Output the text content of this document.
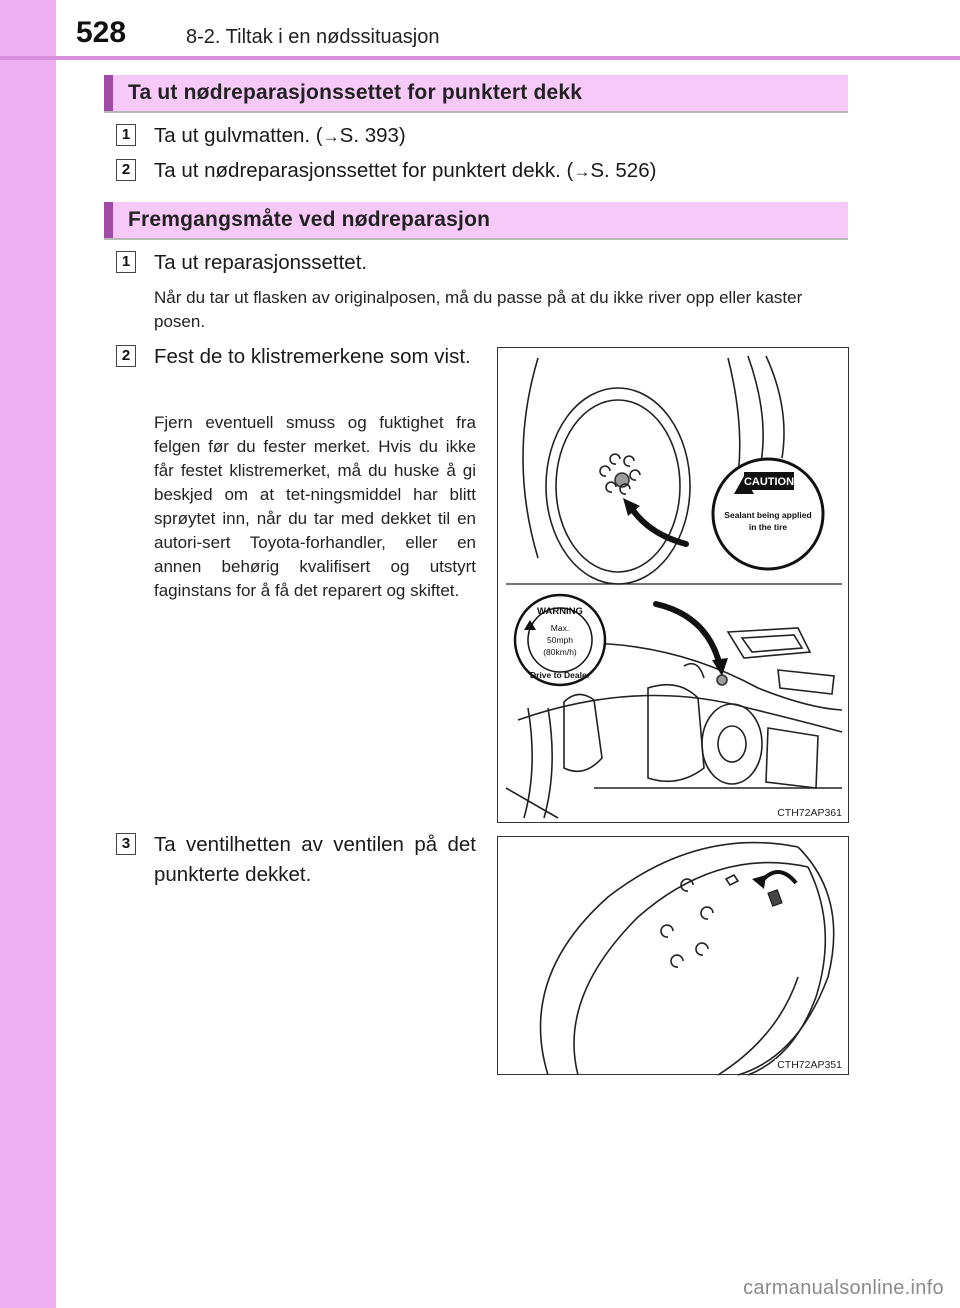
528	8-2. Tiltak i en nødssituasjon
Ta ut nødreparasjonssettet for punktert dekk
1 Ta ut gulvmatten. (→S. 393)
2 Ta ut nødreparasjonssettet for punktert dekk. (→S. 526)
Fremgangsmåte ved nødreparasjon
1 Ta ut reparasjonssettet.
Når du tar ut flasken av originalposen, må du passe på at du ikke river opp eller kaster posen.
2 Fest de to klistremerkene som vist.
Fjern eventuell smuss og fuktighet fra felgen før du fester merket. Hvis du ikke får festet klistremerket, må du huske å gi beskjed om at tet-ningsmiddel har blitt sprøytet inn, når du tar med dekket til en autori-sert Toyota-forhandler, eller en annen behørig kvalifisert og utstyrt faginstans for å få det reparert og skiftet.
3 Ta ventilhetten av ventilen på det punkterte dekket.
CAUTION
Sealant being applied
in the tire
WARNING
Max.
50mph
(80km/h)
Drive to Dealer
CTH72AP361
CTH72AP351
carmanualsonline.info
